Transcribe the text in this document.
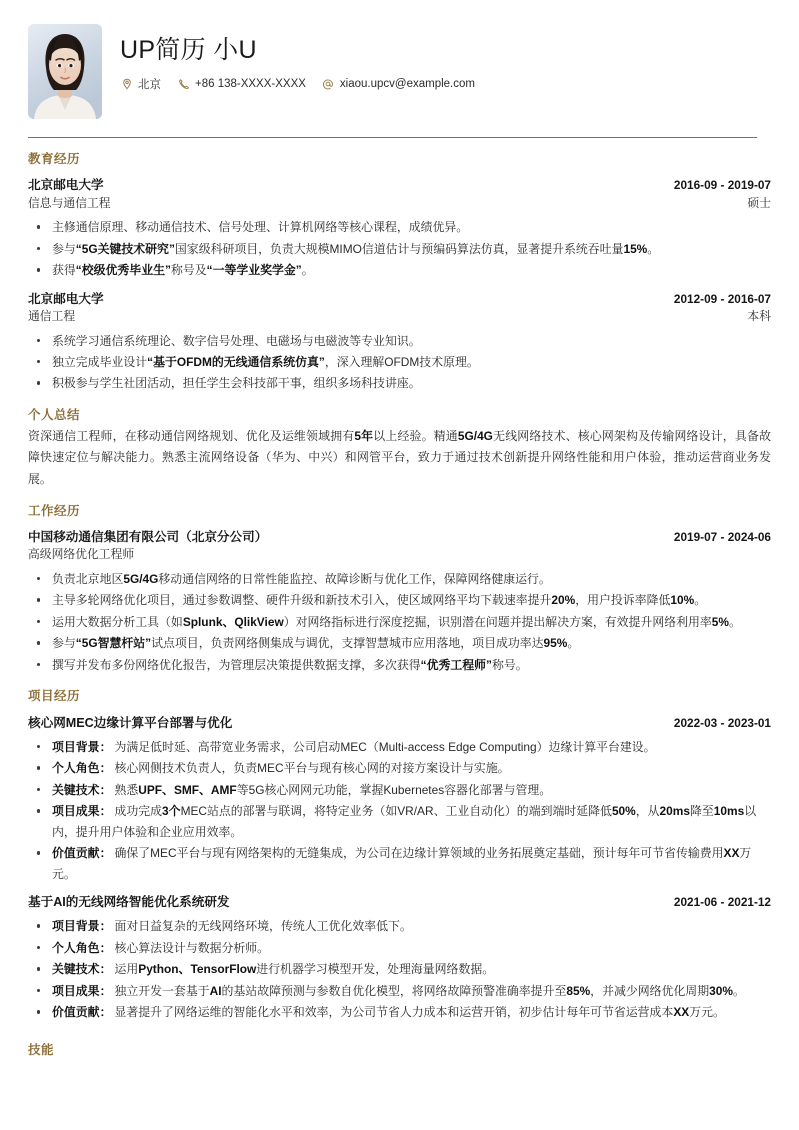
UP简历 小U
北京	+86 138-XXXX-XXXX	xiaou.upcv@example.com
教育经历
北京邮电大学	2016-09 - 2019-07
信息与通信工程	硕士
主修通信原理、移动通信技术、信号处理、计算机网络等核心课程，成绩优异。
参与“5G关键技术研究”国家级科研项目，负责大规模MIMO信道估计与预编码算法仿真，显著提升系统吞吐量15%。
获得“校级优秀毕业生”称号及“一等学业奖学金”。
北京邮电大学	2012-09 - 2016-07
通信工程	本科
系统学习通信系统理论、数字信号处理、电磁场与电磁波等专业知识。
独立完成毕业设计“基于OFDM的无线通信系统仿真”，深入理解OFDM技术原理。
积极参与学生社团活动，担任学生会科技部干事，组织多场科技讲座。
个人总结
资深通信工程师，在移动通信网络规划、优化及运维领域拥有5年以上经验。精通5G/4G无线网络技术、核心网架构及传输网络设计，具备故障快速定位与解决能力。熟悉主流网络设备（华为、中兴）和网管平台，致力于通过技术创新提升网络性能和用户体验，推动运营商业务发展。
工作经历
中国移动通信集团有限公司（北京分公司）	2019-07 - 2024-06
高级网络优化工程师
负责北京地区5G/4G移动通信网络的日常性能监控、故障诊断与优化工作，保障网络健康运行。
主导多轮网络优化项目，通过参数调整、硬件升级和新技术引入，使区域网络平均下载速率提升20%，用户投诉率降低10%。
运用大数据分析工具（如Splunk、QlikView）对网络指标进行深度挖掘，识别潜在问题并提出解决方案，有效提升网络利用率5%。
参与“5G智慧杆站”试点项目，负责网络侧集成与调优，支撑智慧城市应用落地，项目成功率达95%。
撰写并发布多份网络优化报告，为管理层决策提供数据支撑，多次获得“优秀工程师”称号。
项目经历
核心网MEC边缘计算平台部署与优化	2022-03 - 2023-01
项目背景： 为满足低时延、高带宽业务需求，公司启动MEC（Multi-access Edge Computing）边缘计算平台建设。
个人角色： 核心网侧技术负责人，负责MEC平台与现有核心网的对接方案设计与实施。
关键技术： 熟悉UPF、SMF、AMF等5G核心网网元功能，掌握Kubernetes容器化部署与管理。
项目成果： 成功完成3个MEC站点的部署与联调，将特定业务（如VR/AR、工业自动化）的端到端时延降低50%，从20ms降至10ms以内，提升用户体验和企业应用效率。
价值贡献： 确保了MEC平台与现有网络架构的无缝集成，为公司在边缘计算领域的业务拓展奠定基础，预计每年可节省传输费用XX万元。
基于AI的无线网络智能优化系统研发	2021-06 - 2021-12
项目背景： 面对日益复杂的无线网络环境，传统人工优化效率低下。
个人角色： 核心算法设计与数据分析师。
关键技术： 运用Python、TensorFlow进行机器学习模型开发，处理海量网络数据。
项目成果： 独立开发一套基于AI的基站故障预测与参数自优化模型，将网络故障预警准确率提升至85%，并减少网络优化周期30%。
价值贡献： 显著提升了网络运维的智能化水平和效率，为公司节省人力成本和运营开销，初步估计每年可节省运营成本XX万元。
技能
